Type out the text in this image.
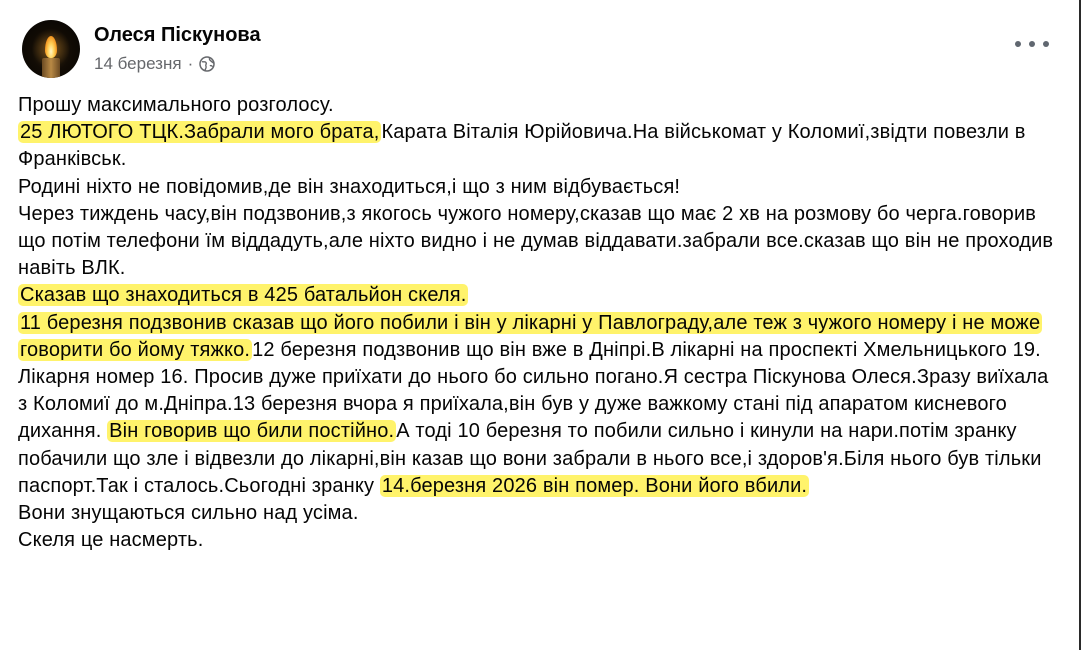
Олеся Піскунова
14 березня ·

Прошу максимального розголосу.

25 ЛЮТОГО ТЦК.Забрали мого брата, Карата Віталія Юрійовича.На військомат у Коломиї,звідти повезли в Франківськ.

Родині ніхто не повідомив,де він знаходиться,і що з ним відбувається!

Через тиждень часу,він подзвонив,з якогось чужого номеру,сказав що має 2 хв на розмову бо черга.говорив що потім телефони їм віддадуть,але ніхто видно і не думав віддавати.забрали все.сказав що він не проходив навіть ВЛК.

Сказав що знаходиться в 425 батальйон скеля.

11 березня подзвонив сказав що його побили і він у лікарні у Павлограду,але теж з чужого номеру і не може говорити бо йому тяжко. 12 березня подзвонив що він вже в Дніпрі.В лікарні на проспекті Хмельницького 19.

Лікарня номер 16. Просив дуже приїхати до нього бо сильно погано.Я сестра Піскунова Олеся.Зразу виїхала з Коломиї до м.Дніпра.13 березня вчора я приїхала,він був у дуже важкому стані під апаратом кисневого дихання. Він говорив що били постійно. А тоді 10 березня то побили сильно і кинули на нари.потім зранку побачили що зле і відвезли до лікарні,він казав що вони забрали в нього все,і здоров'я.Біля нього був тільки паспорт.Так і сталось.Сьогодні зранку 14.березня 2026 він помер. Вони його вбили.

Вони знущаються сильно над усіма.

Скеля це насмерть.
